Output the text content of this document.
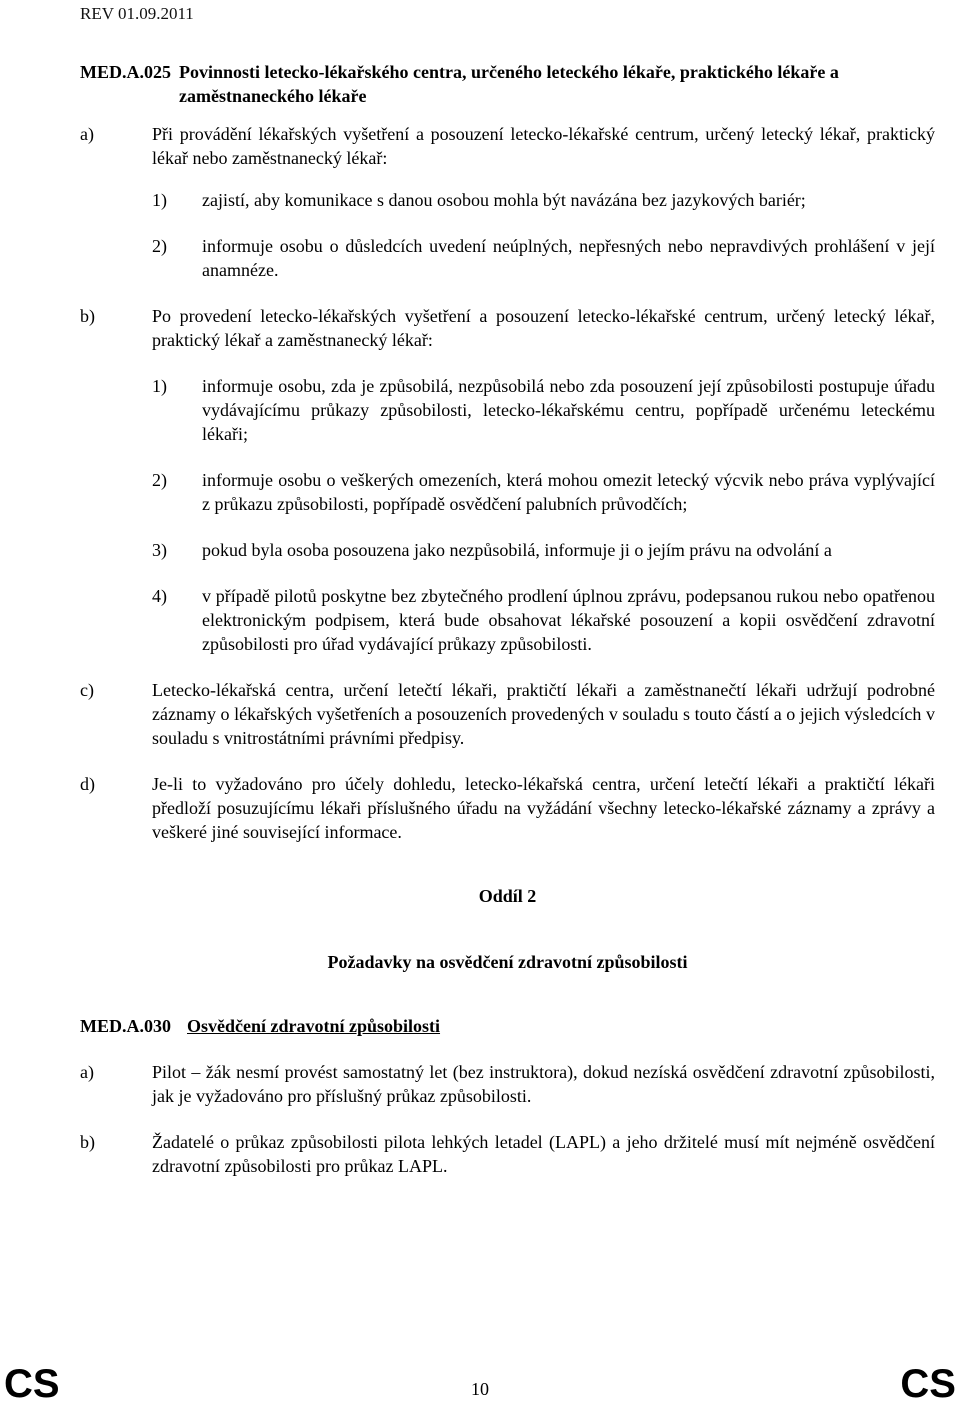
REV 01.09.2011
MED.A.025 Povinnosti letecko-lékařského centra, určeného leteckého lékaře, praktického lékaře a zaměstnaneckého lékaře
a)	Při provádění lékařských vyšetření a posouzení letecko-lékařské centrum, určený letecký lékař, praktický lékař nebo zaměstnanecký lékař:
1)	zajistí, aby komunikace s danou osobou mohla být navázána bez jazykových bariér;
2)	informuje osobu o důsledcích uvedení neúplných, nepřesných nebo nepravdivých prohlášení v její anamnéze.
b)	Po provedení letecko-lékařských vyšetření a posouzení letecko-lékařské centrum, určený letecký lékař, praktický lékař a zaměstnanecký lékař:
1)	informuje osobu, zda je způsobilá, nezpůsobilá nebo zda posouzení její způsobilosti postupuje úřadu vydávajícímu průkazy způsobilosti, letecko-lékařskému centru, popřípadě určenému leteckému lékaři;
2)	informuje osobu o veškerých omezeních, která mohou omezit letecký výcvik nebo práva vyplývající z průkazu způsobilosti, popřípadě osvědčení palubních průvodčích;
3)	pokud byla osoba posouzena jako nezpůsobilá, informuje ji o jejím právu na odvolání a
4)	v případě pilotů poskytne bez zbytečného prodlení úplnou zprávu, podepsanou rukou nebo opatřenou elektronickým podpisem, která bude obsahovat lékařské posouzení a kopii osvědčení zdravotní způsobilosti pro úřad vydávající průkazy způsobilosti.
c)	Letecko-lékařská centra, určení letečtí lékaři, praktičtí lékaři a zaměstnanečtí lékaři udržují podrobné záznamy o lékařských vyšetřeních a posouzeních provedených v souladu s touto částí a o jejich výsledcích v souladu s vnitrostátními právními předpisy.
d)	Je-li to vyžadováno pro účely dohledu, letecko-lékařská centra, určení letečtí lékaři a praktičtí lékaři předloží posuzujícímu lékaři příslušného úřadu na vyžádání všechny letecko-lékařské záznamy a zprávy a veškeré jiné související informace.
Oddíl 2
Požadavky na osvědčení zdravotní způsobilosti
MED.A.030 Osvědčení zdravotní způsobilosti
a)	Pilot – žák nesmí provést samostatný let (bez instruktora), dokud nezíská osvědčení zdravotní způsobilosti, jak je vyžadováno pro příslušný průkaz způsobilosti.
b)	Žadatelé o průkaz způsobilosti pilota lehkých letadel (LAPL) a jeho držitelé musí mít nejméně osvědčení zdravotní způsobilosti pro průkaz LAPL.
CS	10	CS
